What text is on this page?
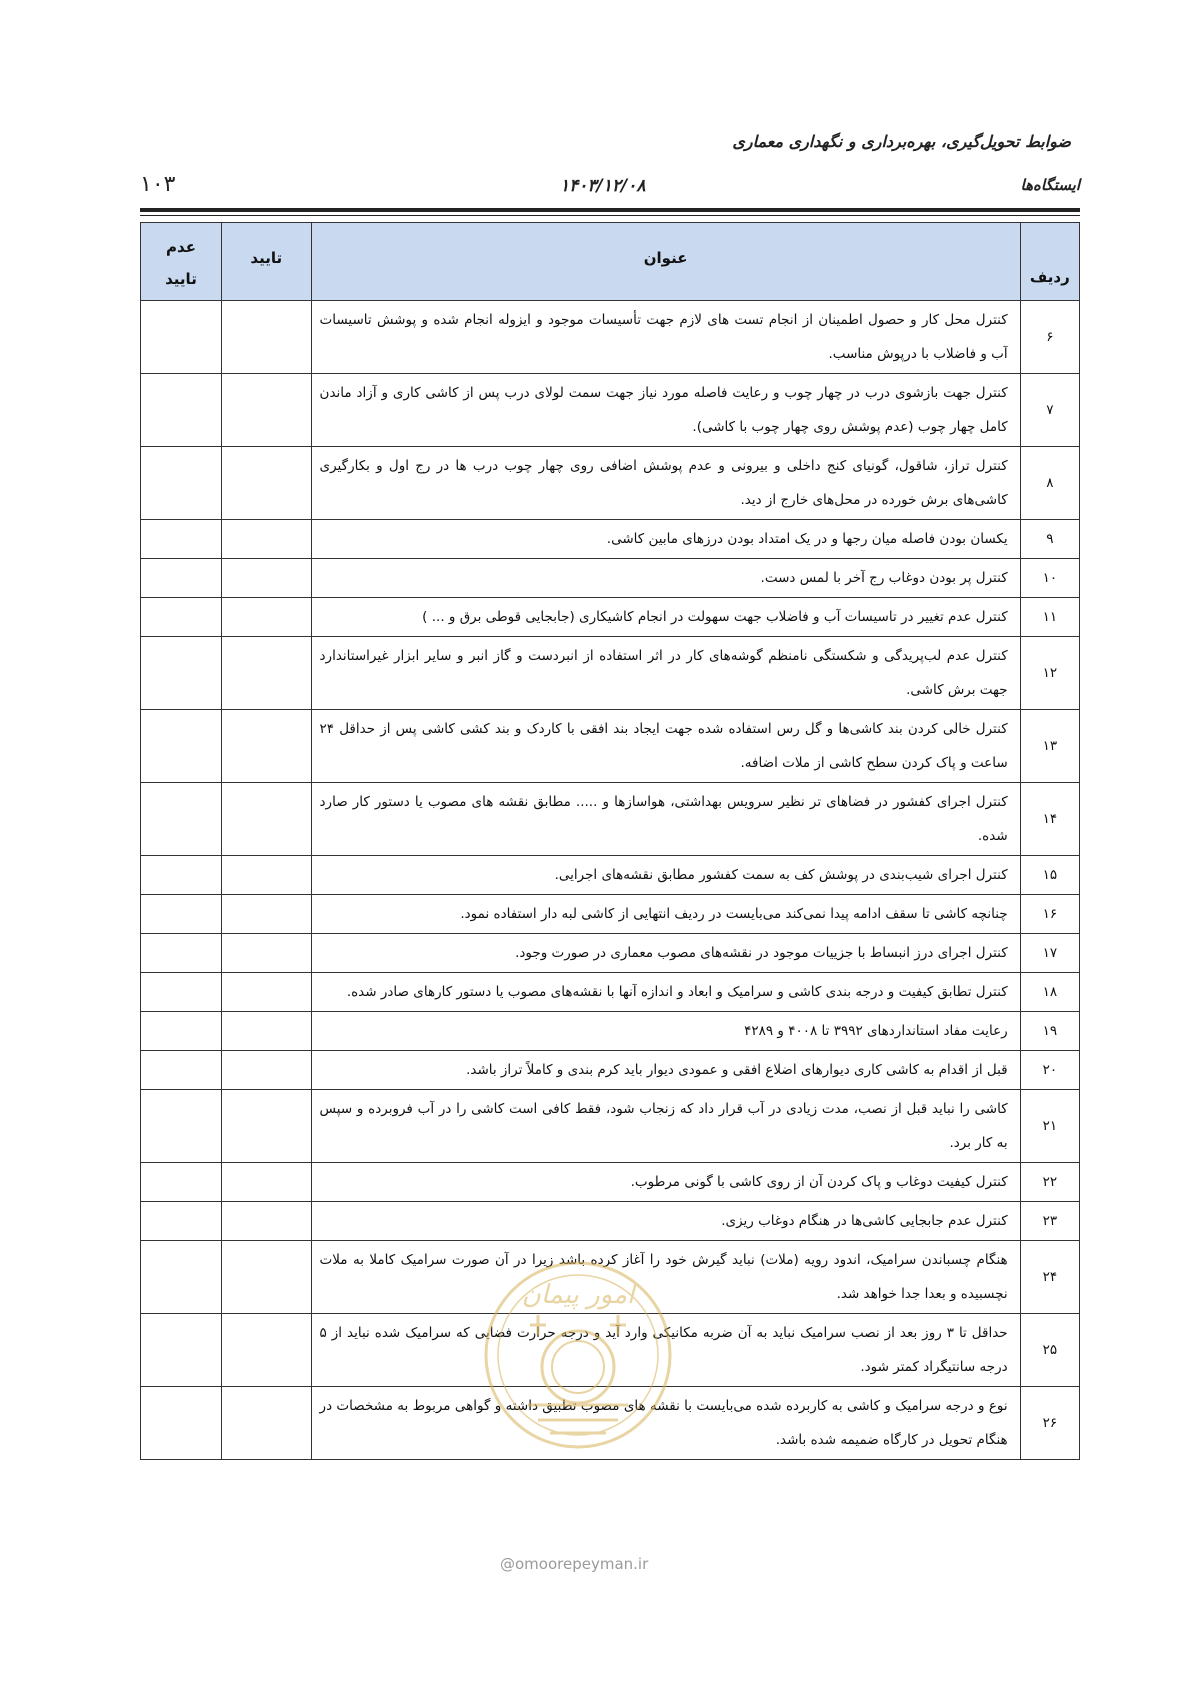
ضوابط تحویل‌گیری، بهره‌برداری و نگهداری معماری
ایستگاه‌ها
۱۴۰۳/۱۲/۰۸
۱۰۳
ردیف	عنوان	تایید	عدم
تایید

۶	کنترل محل کار و حصول اطمینان از انجام تست های لازم جهت تأسیسات موجود و ایزوله انجام شده و پوشش تاسیسات آب و فاضلاب با درپوش مناسب.		
۷	کنترل جهت بازشوی درب در چهار چوب و رعایت فاصله مورد نیاز جهت سمت لولای درب پس از کاشی کاری و آزاد ماندن کامل چهار چوب (عدم پوشش روی چهار چوب با کاشی).		
۸	کنترل تراز، شاقول، گونیای کنج داخلی و بیرونی و عدم پوشش اضافی روی چهار چوب درب ها در رج اول و بکارگیری کاشی‌های برش خورده در محل‌های خارج از دید.		
۹	یکسان بودن فاصله میان رجها و در یک امتداد بودن درزهای مابین کاشی.		
۱۰	کنترل پر بودن دوغاب رج آخر با لمس دست.		
۱۱	کنترل عدم تغییر در تاسیسات آب و فاضلاب جهت سهولت در انجام کاشیکاری (جابجایی قوطی برق و ... )		
۱۲	کنترل عدم لب‌پریدگی و شکستگی نامنظم گوشه‌های کار در اثر استفاده از انبردست و گاز انبر و سایر ابزار غیراستاندارد جهت برش کاشی.		
۱۳	کنترل خالی کردن بند کاشی‌ها و گل رس استفاده شده جهت ایجاد بند افقی با کاردک و بند کشی کاشی پس از حداقل ۲۴ ساعت و پاک کردن سطح کاشی از ملات اضافه.		
۱۴	کنترل اجرای کفشور در فضاهای تر نظیر سرویس بهداشتی، هواسازها و ..... مطابق نقشه های مصوب یا دستور کار صارد شده.		
۱۵	کنترل اجرای شیب‌بندی در پوشش کف به سمت کفشور مطابق نقشه‌های اجرایی.		
۱۶	چنانچه کاشی تا سقف ادامه پیدا نمی‌کند می‌بایست در ردیف انتهایی از کاشی لبه دار استفاده نمود.		
۱۷	کنترل اجرای درز انبساط با جزییات موجود در نقشه‌های مصوب معماری در صورت وجود.		
۱۸	کنترل تطابق کیفیت و درجه بندی کاشی و سرامیک و ابعاد و اندازه آنها با نقشه‌های مصوب یا دستور کارهای صادر شده.		
۱۹	رعایت مفاد استانداردهای ۳۹۹۲ تا ۴۰۰۸ و ۴۲۸۹		
۲۰	قبل از اقدام به کاشی کاری دیوارهای اضلاع افقی و عمودی دیوار باید کرم بندی و کاملاً تراز باشد.		
۲۱	کاشی را نباید قبل از نصب، مدت زیادی در آب قرار داد که زنجاب شود، فقط کافی است کاشی را در آب فروبرده و سپس به کار برد.		
۲۲	کنترل کیفیت دوغاب و پاک کردن آن از روی کاشی با گونی مرطوب.		
۲۳	کنترل عدم جابجایی کاشی‌ها در هنگام دوغاب ریزی.		
۲۴	هنگام چسباندن سرامیک، اندود رویه (ملات) نباید گیرش خود را آغاز کرده باشد زیرا در آن صورت سرامیک کاملا به ملات نچسبیده و بعدا جدا خواهد شد.		
۲۵	حداقل تا ۳ روز بعد از نصب سرامیک نباید به آن ضربه مکانیکی وارد آید و درجه حرارت فضایی که سرامیک شده نباید از ۵ درجه سانتیگراد کمتر شود.		
۲۶	نوع و درجه سرامیک و کاشی به کاربرده شده می‌بایست با نقشه های مصوب تطبیق داشته و گواهی مربوط به مشخصات در هنگام تحویل در کارگاه ضمیمه شده باشد.		
امور پیمان
@omoorepeyman.ir
